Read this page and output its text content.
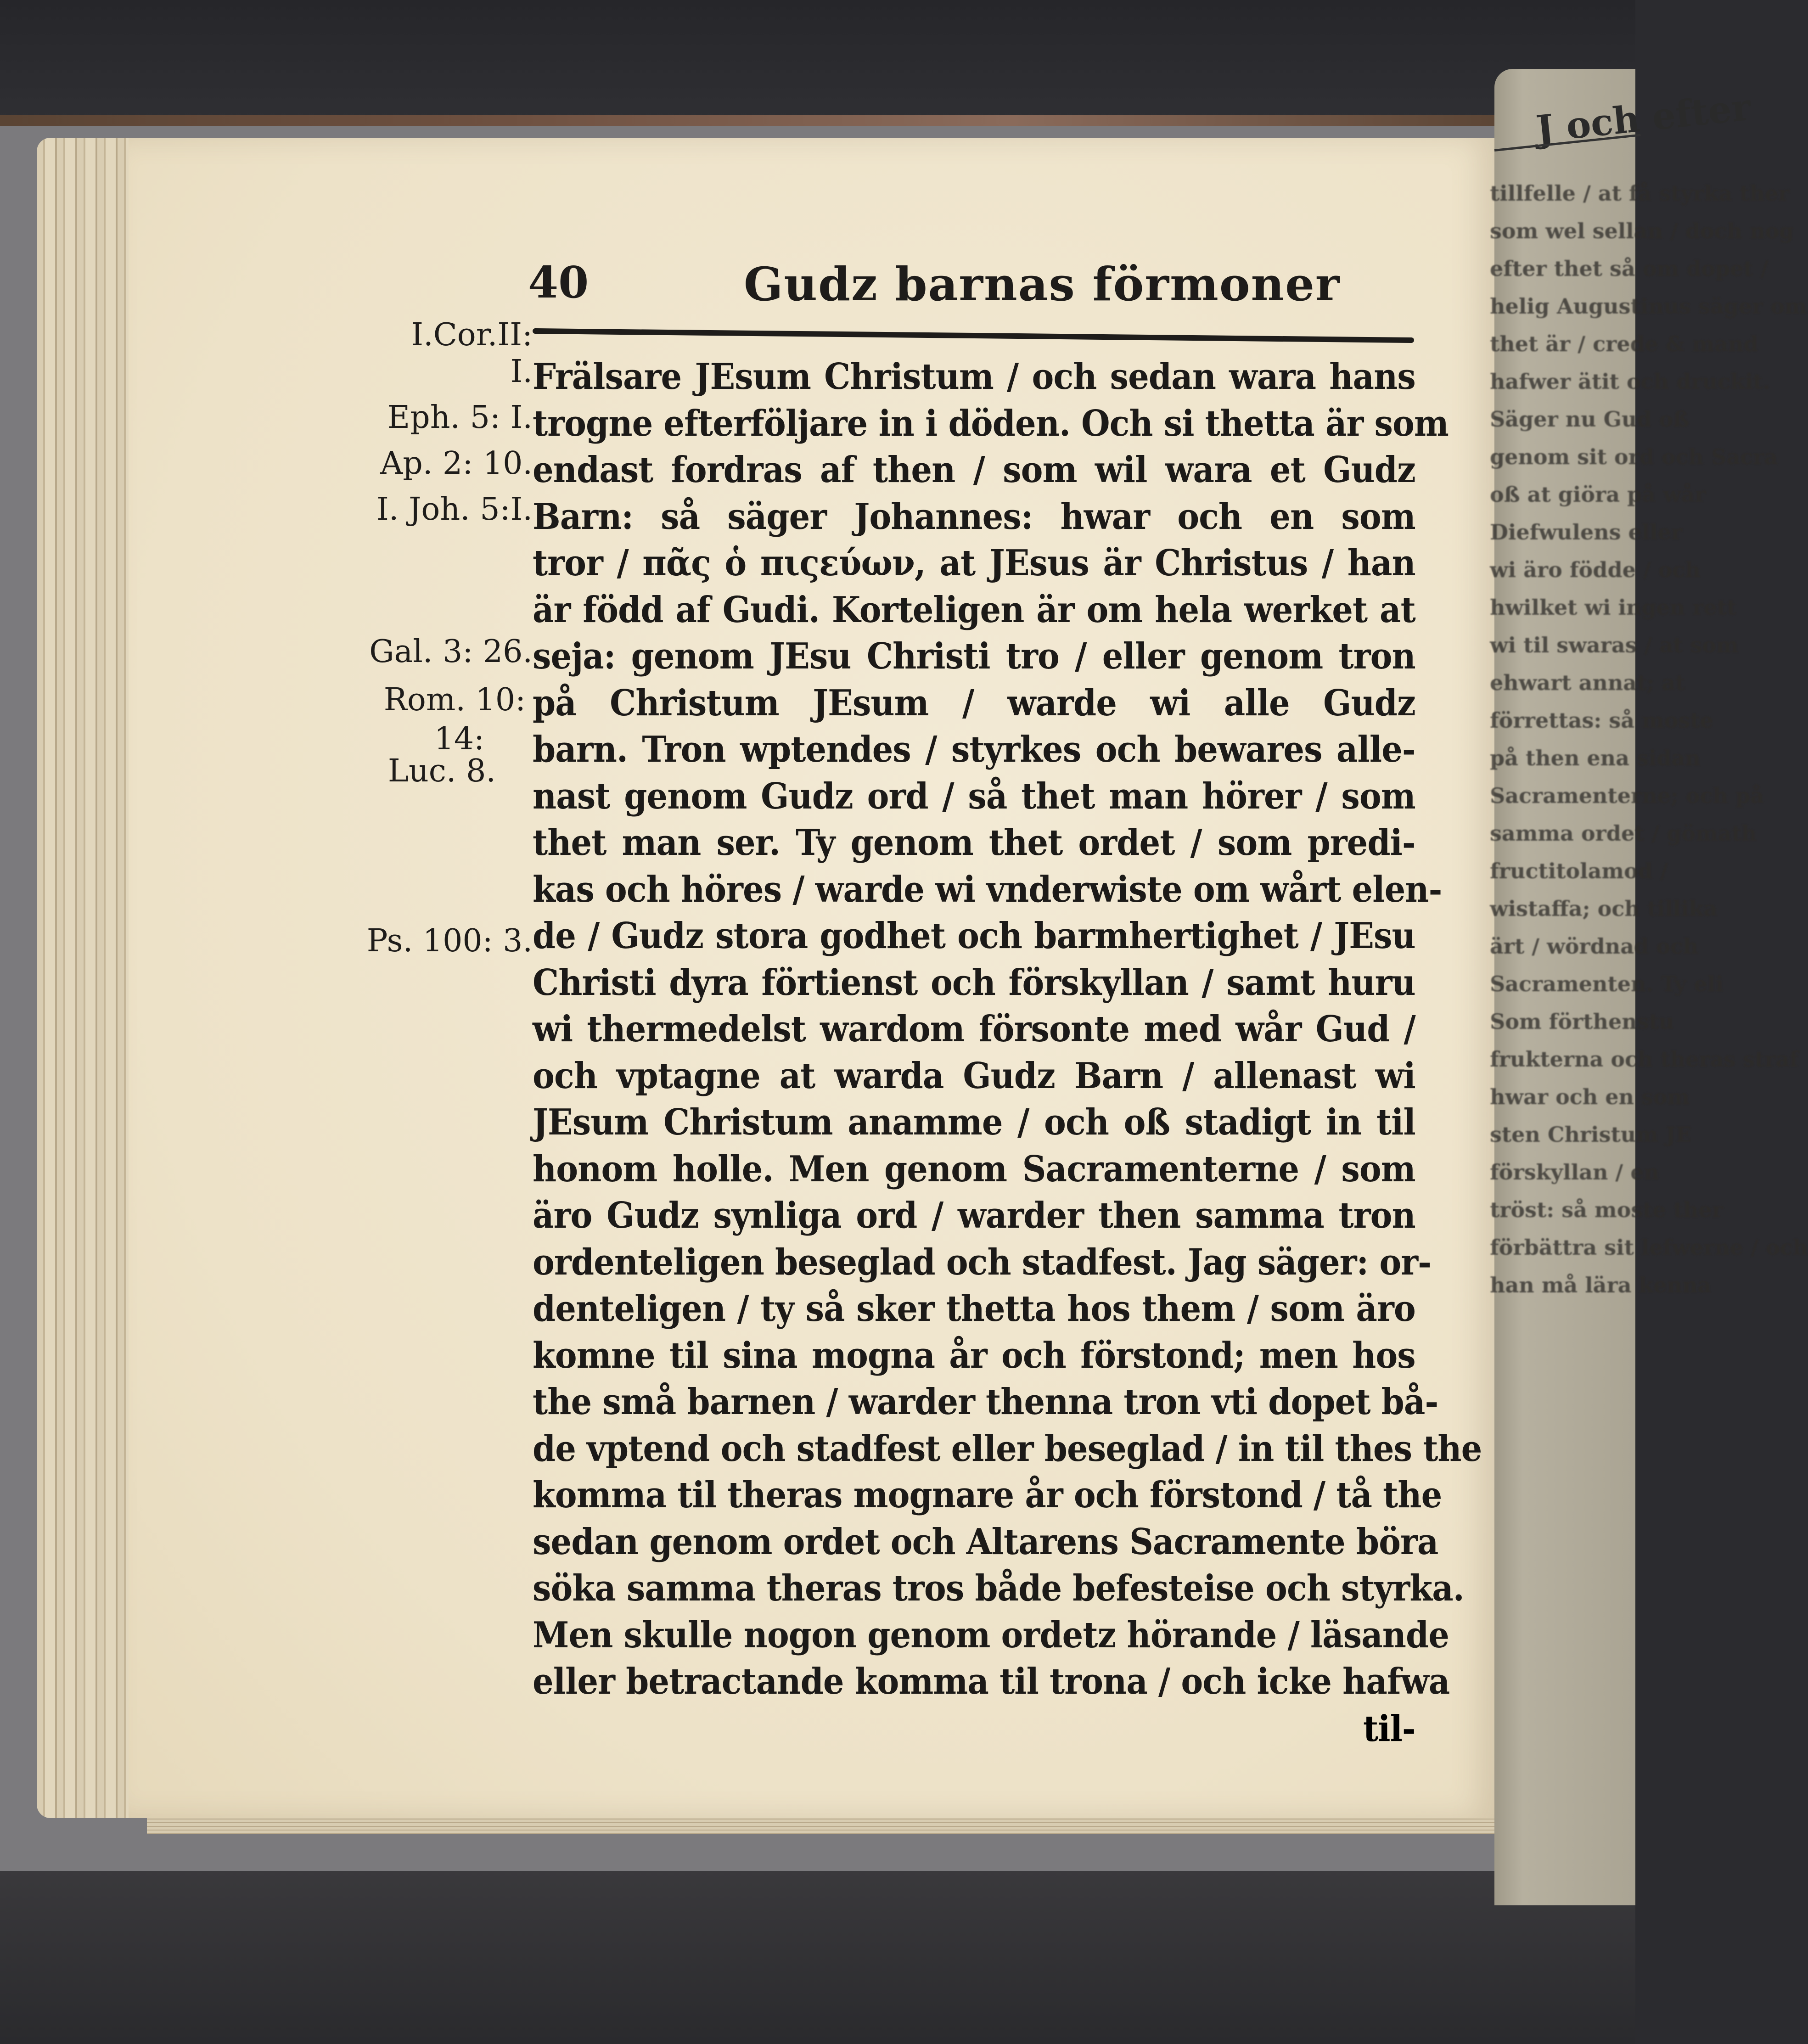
40	Gudz barnas förmoner
I.Cor.II:
I.
Eph. 5: I.
Ap. 2: 10.
I. Joh. 5:I.
Gal. 3: 26.
Rom. 10:
14:
Luc. 8.
Ps. 100: 3.
Frälsare JEsum Christum / och sedan wara hans
trogne efterföljare in i döden. Och si thetta är som
endast fordras af then / som wil wara et Gudz
Barn: så säger Johannes: hwar och en som
tror / πᾶς ὁ πιςεύων, at JEsus är Christus / han
är född af Gudi. Korteligen är om hela werket at
seja: genom JEsu Christi tro / eller genom tron
på Christum JEsum / warde wi alle Gudz
barn. Tron wptendes / styrkes och bewares alle-
nast genom Gudz ord / så thet man hörer / som
thet man ser. Ty genom thet ordet / som predi-
kas och höres / warde wi vnderwiste om wårt elen-
de / Gudz stora godhet och barmhertighet / JEsu
Christi dyra förtienst och förskyllan / samt huru
wi thermedelst wardom försonte med wår Gud /
och vptagne at warda Gudz Barn / allenast wi
JEsum Christum anamme / och oß stadigt in til
honom holle. Men genom Sacramenterne / som
äro Gudz synliga ord / warder then samma tron
ordenteligen beseglad och stadfest. Jag säger: or-
denteligen / ty så sker thetta hos them / som äro
komne til sina mogna år och förstond; men hos
the små barnen / warder thenna tron vti dopet bå-
de vptend och stadfest eller beseglad / in til thes the
komma til theras mognare år och förstond / tå the
sedan genom ordet och Altarens Sacramente böra
söka samma theras tros både befesteise och styrka.
Men skulle nogon genom ordetz hörande / läsande
eller betractande komma til trona / och icke hafwa
til-
J och efter
tillfelle / at få styrka ther
som wel sellan / doch nog
efter thet så om dopet /
helig Augustinus säger om
thet är / crede & mand
hafwer ätit och druckit.
Säger nu Gud oß
genom sit ord och Sacra
oß at giöra på wår
Diefwulens eller
wi äro födde / och
hwilket wi ingen rett
wi til swaras / at som
ehwart annat; at
förrettas: så moste
på then ena sidan
Sacramenterne; och på
samma ordet / gömath
fructitolamod /
wistaffa; och tillika
ärt / wördnad och
Sacramenten. Ty eli
Som förthenstu
frukterna och theras straf
hwar och en som
sten Christum JE
förskyllan / en
tröst: så moste ther
förbättra sit lefwerne / och
han må lära kenna
